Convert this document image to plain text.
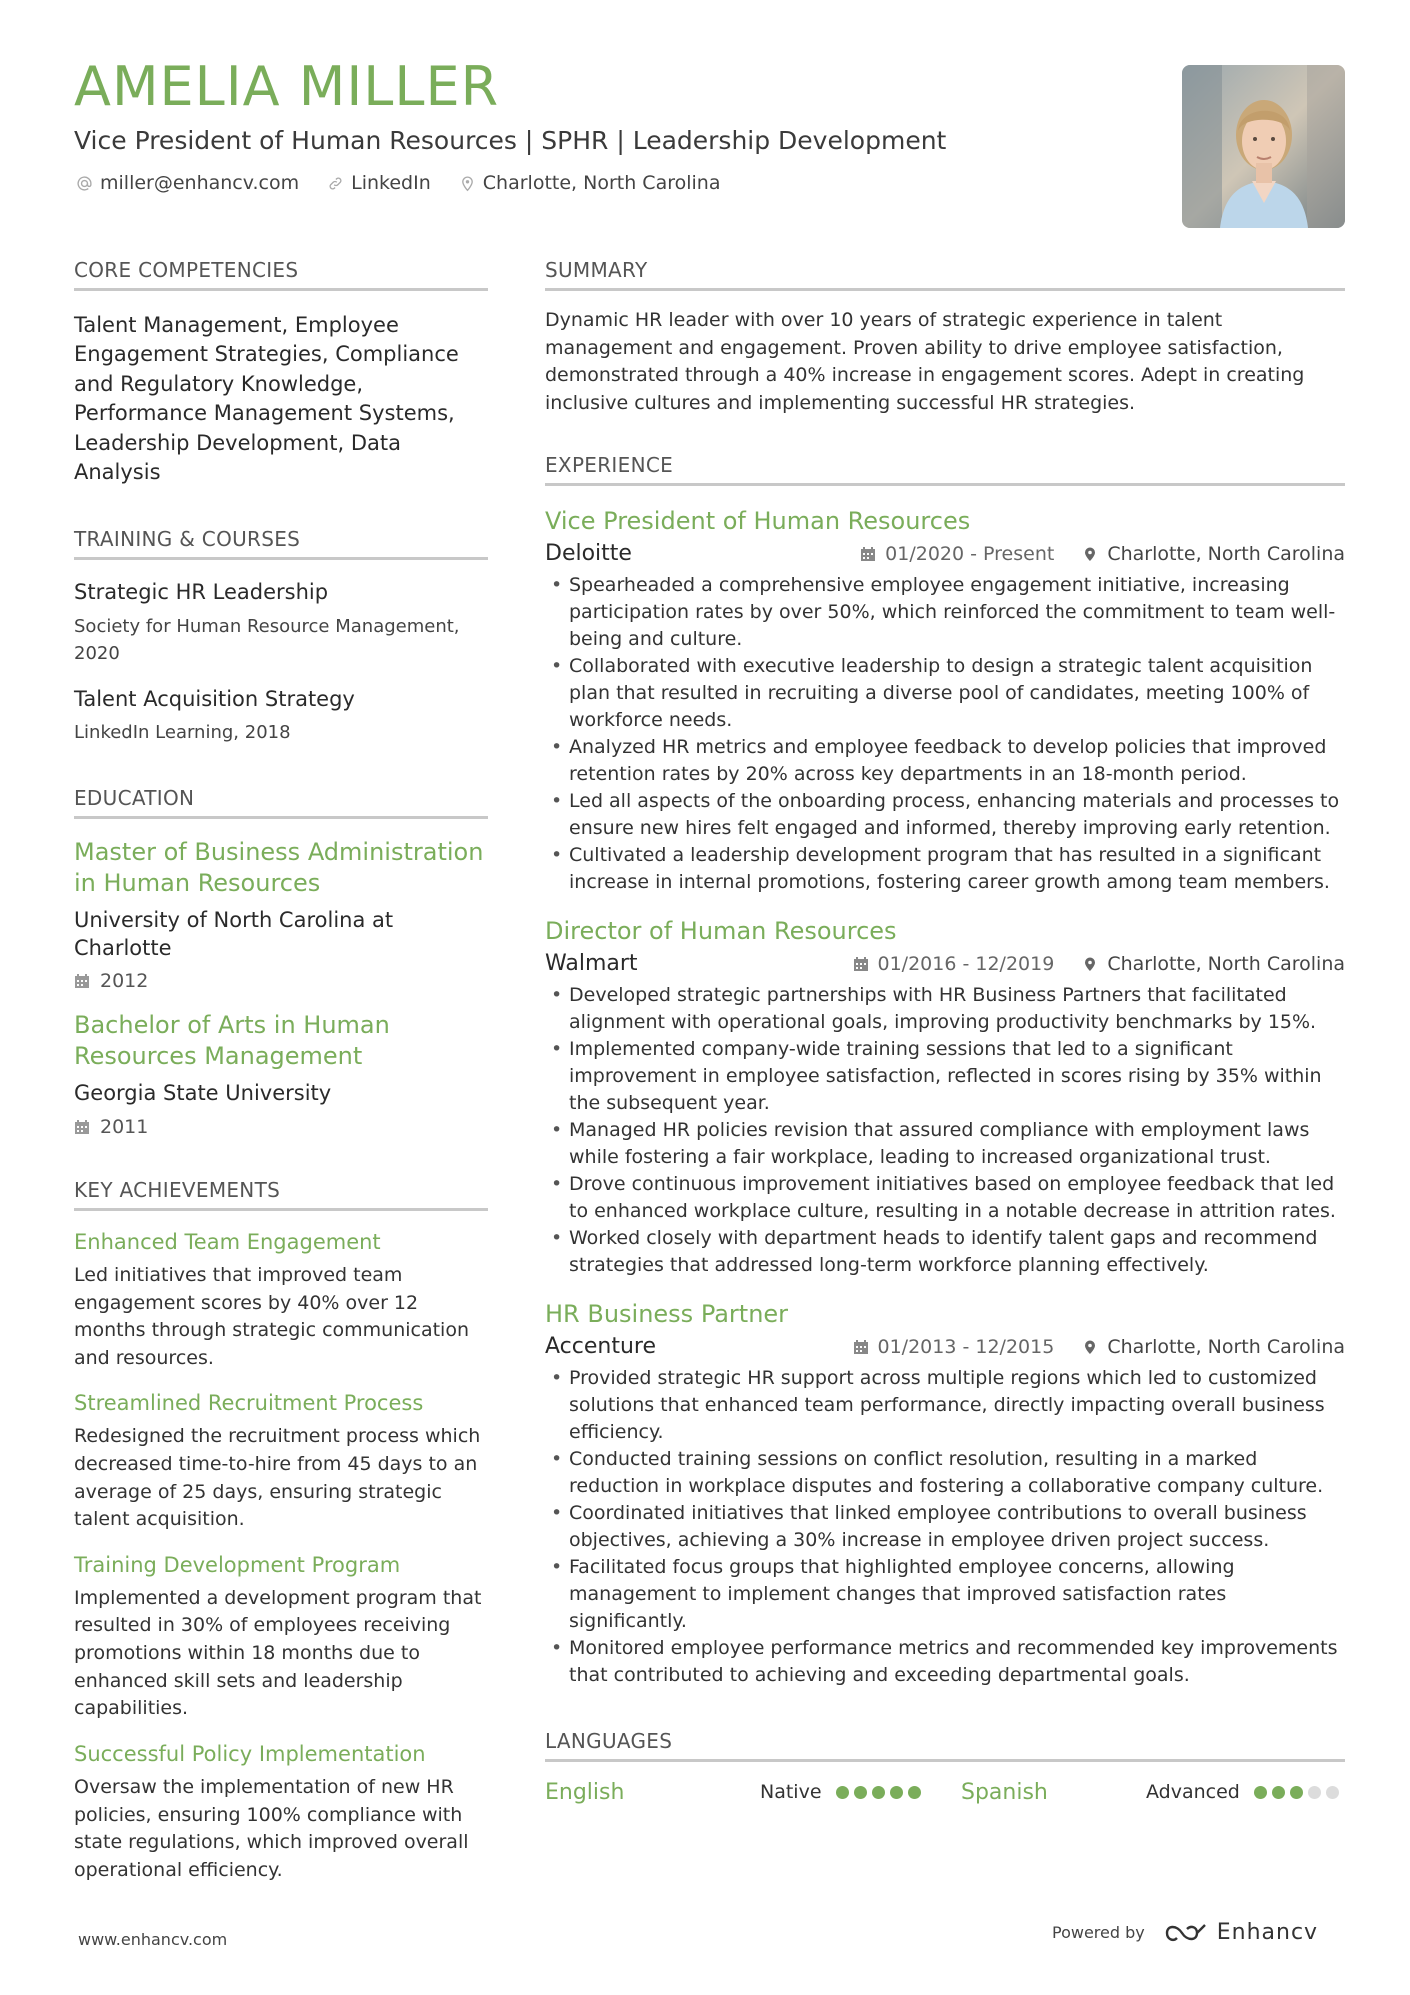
AMELIA MILLER
Vice President of Human Resources | SPHR | Leadership Development
miller@enhancv.com	LinkedIn	Charlotte, North Carolina
CORE COMPETENCIES
Talent Management, Employee Engagement Strategies, Compliance and Regulatory Knowledge, Performance Management Systems, Leadership Development, Data Analysis
TRAINING & COURSES
Strategic HR Leadership
Society for Human Resource Management, 2020
Talent Acquisition Strategy
LinkedIn Learning, 2018
EDUCATION
Master of Business Administration in Human Resources
University of North Carolina at Charlotte
2012
Bachelor of Arts in Human Resources Management
Georgia State University
2011
KEY ACHIEVEMENTS
Enhanced Team Engagement
Led initiatives that improved team engagement scores by 40% over 12 months through strategic communication and resources.
Streamlined Recruitment Process
Redesigned the recruitment process which decreased time-to-hire from 45 days to an average of 25 days, ensuring strategic talent acquisition.
Training Development Program
Implemented a development program that resulted in 30% of employees receiving promotions within 18 months due to enhanced skill sets and leadership capabilities.
Successful Policy Implementation
Oversaw the implementation of new HR policies, ensuring 100% compliance with state regulations, which improved overall operational efficiency.
SUMMARY
Dynamic HR leader with over 10 years of strategic experience in talent management and engagement. Proven ability to drive employee satisfaction, demonstrated through a 40% increase in engagement scores. Adept in creating inclusive cultures and implementing successful HR strategies.
EXPERIENCE
Vice President of Human Resources
Deloitte	01/2020 - Present	Charlotte, North Carolina
• Spearheaded a comprehensive employee engagement initiative, increasing participation rates by over 50%, which reinforced the commitment to team well-being and culture.
• Collaborated with executive leadership to design a strategic talent acquisition plan that resulted in recruiting a diverse pool of candidates, meeting 100% of workforce needs.
• Analyzed HR metrics and employee feedback to develop policies that improved retention rates by 20% across key departments in an 18-month period.
• Led all aspects of the onboarding process, enhancing materials and processes to ensure new hires felt engaged and informed, thereby improving early retention.
• Cultivated a leadership development program that has resulted in a significant increase in internal promotions, fostering career growth among team members.
Director of Human Resources
Walmart	01/2016 - 12/2019	Charlotte, North Carolina
• Developed strategic partnerships with HR Business Partners that facilitated alignment with operational goals, improving productivity benchmarks by 15%.
• Implemented company-wide training sessions that led to a significant improvement in employee satisfaction, reflected in scores rising by 35% within the subsequent year.
• Managed HR policies revision that assured compliance with employment laws while fostering a fair workplace, leading to increased organizational trust.
• Drove continuous improvement initiatives based on employee feedback that led to enhanced workplace culture, resulting in a notable decrease in attrition rates.
• Worked closely with department heads to identify talent gaps and recommend strategies that addressed long-term workforce planning effectively.
HR Business Partner
Accenture	01/2013 - 12/2015	Charlotte, North Carolina
• Provided strategic HR support across multiple regions which led to customized solutions that enhanced team performance, directly impacting overall business efficiency.
• Conducted training sessions on conflict resolution, resulting in a marked reduction in workplace disputes and fostering a collaborative company culture.
• Coordinated initiatives that linked employee contributions to overall business objectives, achieving a 30% increase in employee driven project success.
• Facilitated focus groups that highlighted employee concerns, allowing management to implement changes that improved satisfaction rates significantly.
• Monitored employee performance metrics and recommended key improvements that contributed to achieving and exceeding departmental goals.
LANGUAGES
English	Native	Spanish	Advanced
www.enhancv.com	Powered by	Enhancv
